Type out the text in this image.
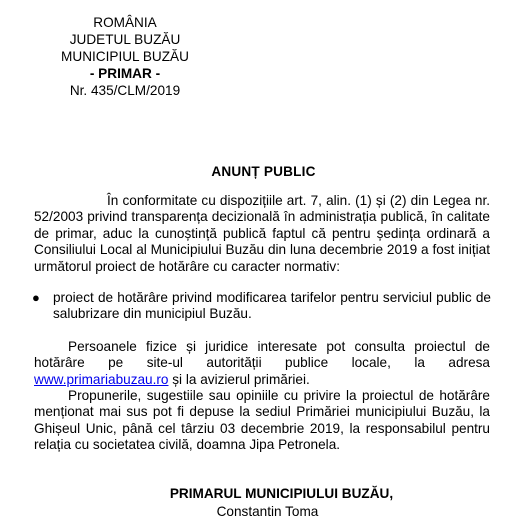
ROMÂNIA
JUDETUL BUZĂU
MUNICIPIUL BUZĂU
- PRIMAR -
Nr. 435/CLM/2019
ANUNȚ PUBLIC
În conformitate cu dispozițiile art. 7, alin. (1) și (2) din Legea nr. 52/2003 privind transparența decizională în administrația publică, în calitate de primar, aduc la cunoștință publică faptul că pentru ședința ordinară a Consiliului Local al Municipiului Buzău din luna decembrie 2019 a fost inițiat următorul proiect de hotărâre cu caracter normativ:
● proiect de hotărâre privind modificarea tarifelor pentru serviciul public de salubrizare din municipiul Buzău.
Persoanele fizice și juridice interesate pot consulta proiectul de hotărâre pe site-ul autorității publice locale, la adresa www.primariabuzau.ro și la avizierul primăriei.
Propunerile, sugestiile sau opiniile cu privire la proiectul de hotărâre menționat mai sus pot fi depuse la sediul Primăriei municipiului Buzău, la Ghișeul Unic, până cel târziu 03 decembrie 2019, la responsabilul pentru relația cu societatea civilă, doamna Jipa Petronela.
PRIMARUL MUNICIPIULUI BUZĂU,
Constantin Toma
